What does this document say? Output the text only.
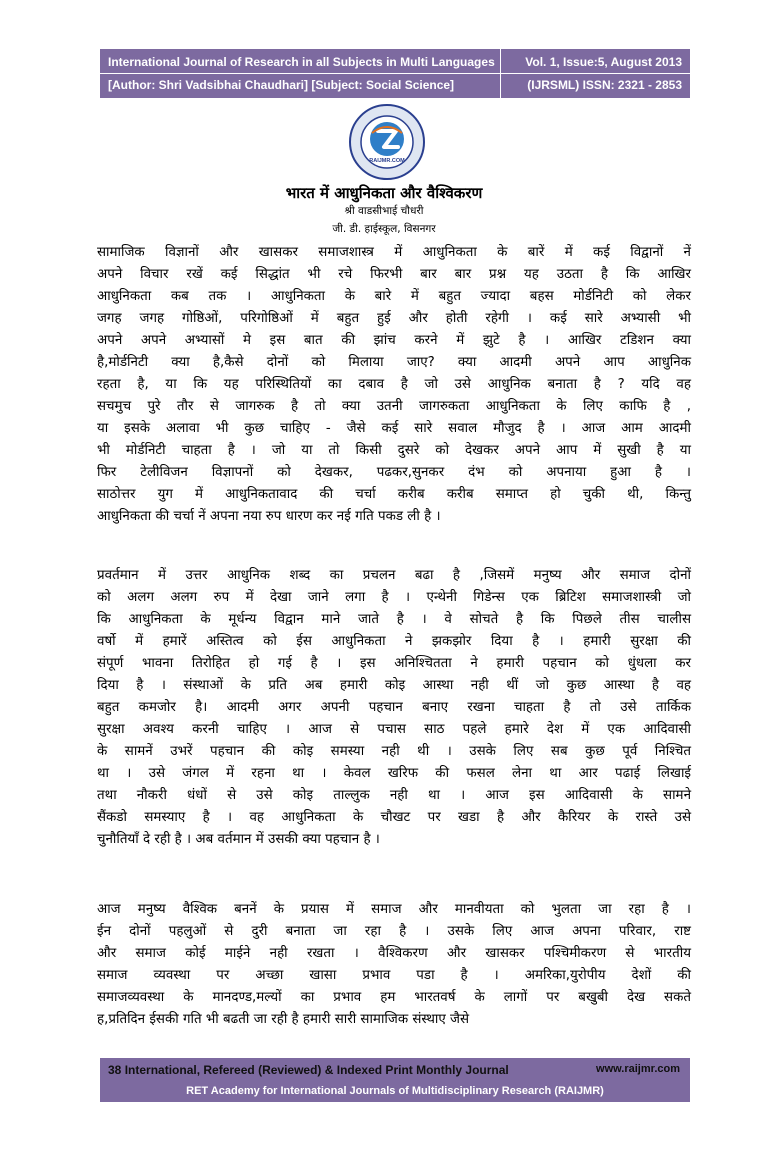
International Journal of Research in all Subjects in Multi Languages
[Author: Shri Vadsibhai Chaudhari] [Subject: Social Science]
Vol. 1, Issue:5, August 2013
(IJRSML) ISSN: 2321 - 2853
RAIJMR.COM
भारत में आधुनिकता और वैश्विकरण
श्री वाडसीभाई चौधरी
जी. डी. हाईस्कूल, विसनगर

सामाजिक विज्ञानों और खासकर समाजशास्त्र में आधुनिकता के बारें में कई विद्वानों नें

अपने विचार रखें कई सिद्धांत भी रचे फिरभी बार बार प्रश्न यह उठता है कि आखिर

आधुनिकता कब तक । आधुनिकता के बारे में बहुत ज्यादा बहस मोर्डनिटी को लेकर

जगह जगह गोष्ठिओं, परिगोष्ठिओं में बहुत हुई और होती रहेगी । कई सारे अभ्यासी भी

अपने अपने अभ्यासों मे इस बात की झांच करने में झुटे है । आखिर टडिशन क्या

है,मोर्डनिटी क्या है,कैसे दोनों को मिलाया जाए? क्या आदमी अपने आप आधुनिक

रहता है, या कि यह परिस्थितियों का दबाव है जो उसे आधुनिक बनाता है ? यदि वह

सचमुच पुरे तौर से जागरुक है तो क्या उतनी जागरुकता आधुनिकता के लिए काफि है ,

या इसके अलावा भी कुछ चाहिए - जैसे कई सारे सवाल मौजुद है । आज आम आदमी

भी मोर्डनिटी चाहता है । जो या तो किसी दुसरे को देखकर अपने आप में सुखी है या

फिर टेलीविजन विज्ञापनों को देखकर, पढकर,सुनकर दंभ को अपनाया हुआ है ।

साठोत्तर युग में आधुनिकतावाद की चर्चा करीब करीब समाप्त हो चुकी थी, किन्तु

आधुनिकता की चर्चा नें अपना नया रुप धारण कर नई गति पकड ली है ।

प्रवर्तमान में उत्तर आधुनिक शब्द का प्रचलन बढा है ,जिसमें मनुष्य और समाज दोनों

को अलग अलग रुप में देखा जाने लगा है । एन्थेनी गिडेन्स एक ब्रिटिश समाजशास्त्री जो

कि आधुनिकता के मूर्धन्य विद्वान माने जाते है । वे सोचते है कि पिछले तीस चालीस

वर्षो में हमारें अस्तित्व को ईस आधुनिकता ने झकझोर दिया है । हमारी सुरक्षा की

संपूर्ण भावना तिरोहित हो गई है । इस अनिश्चितता ने हमारी पहचान को धुंधला कर

दिया है । संस्थाओं के प्रति अब हमारी कोइ आस्था नही थीं जो कुछ आस्था है वह

बहुत कमजोर है। आदमी अगर अपनी पहचान बनाए रखना चाहता है तो उसे तार्किक

सुरक्षा अवश्य करनी चाहिए । आज से पचास साठ पहले हमारे देश में एक आदिवासी

के सामनें उभरें पहचान की कोइ समस्या नही थी । उसके लिए सब कुछ पूर्व निश्चित

था । उसे जंगल में रहना था । केवल खरिफ की फसल लेना था आर पढाई लिखाई

तथा नौकरी धंधों से उसे कोइ ताल्लुक नही था । आज इस आदिवासी के सामने

सैंकडो समस्याए है । वह आधुनिकता के चौखट पर खडा है और कैरियर के रास्ते उसे

चुनौतियाँ दे रही है । अब वर्तमान में उसकी क्या पहचान है ।

आज मनुष्य वैश्विक बननें के प्रयास में समाज और मानवीयता को भुलता जा रहा है ।

ईन दोनों पहलुओं से दुरी बनाता जा रहा है । उसके लिए आज अपना परिवार, राष्ट

और समाज कोई माईने नही रखता । वैश्विकरण और खासकर पश्चिमीकरण से भारतीय

समाज व्यवस्था पर अच्छा खासा प्रभाव पडा है । अमरिका,युरोपीय देशों की

समाजव्यवस्था के मानदण्ड,मल्यों का प्रभाव हम भारतवर्ष के लागों पर बखुबी देख सकते

ह,प्रतिदिन ईसकी गति भी बढती जा रही है हमारी सारी सामाजिक संस्थाए जैसे

38 International, Refereed (Reviewed) & Indexed Print Monthly Journal	www.raijmr.com
RET Academy for International Journals of Multidisciplinary Research (RAIJMR)
